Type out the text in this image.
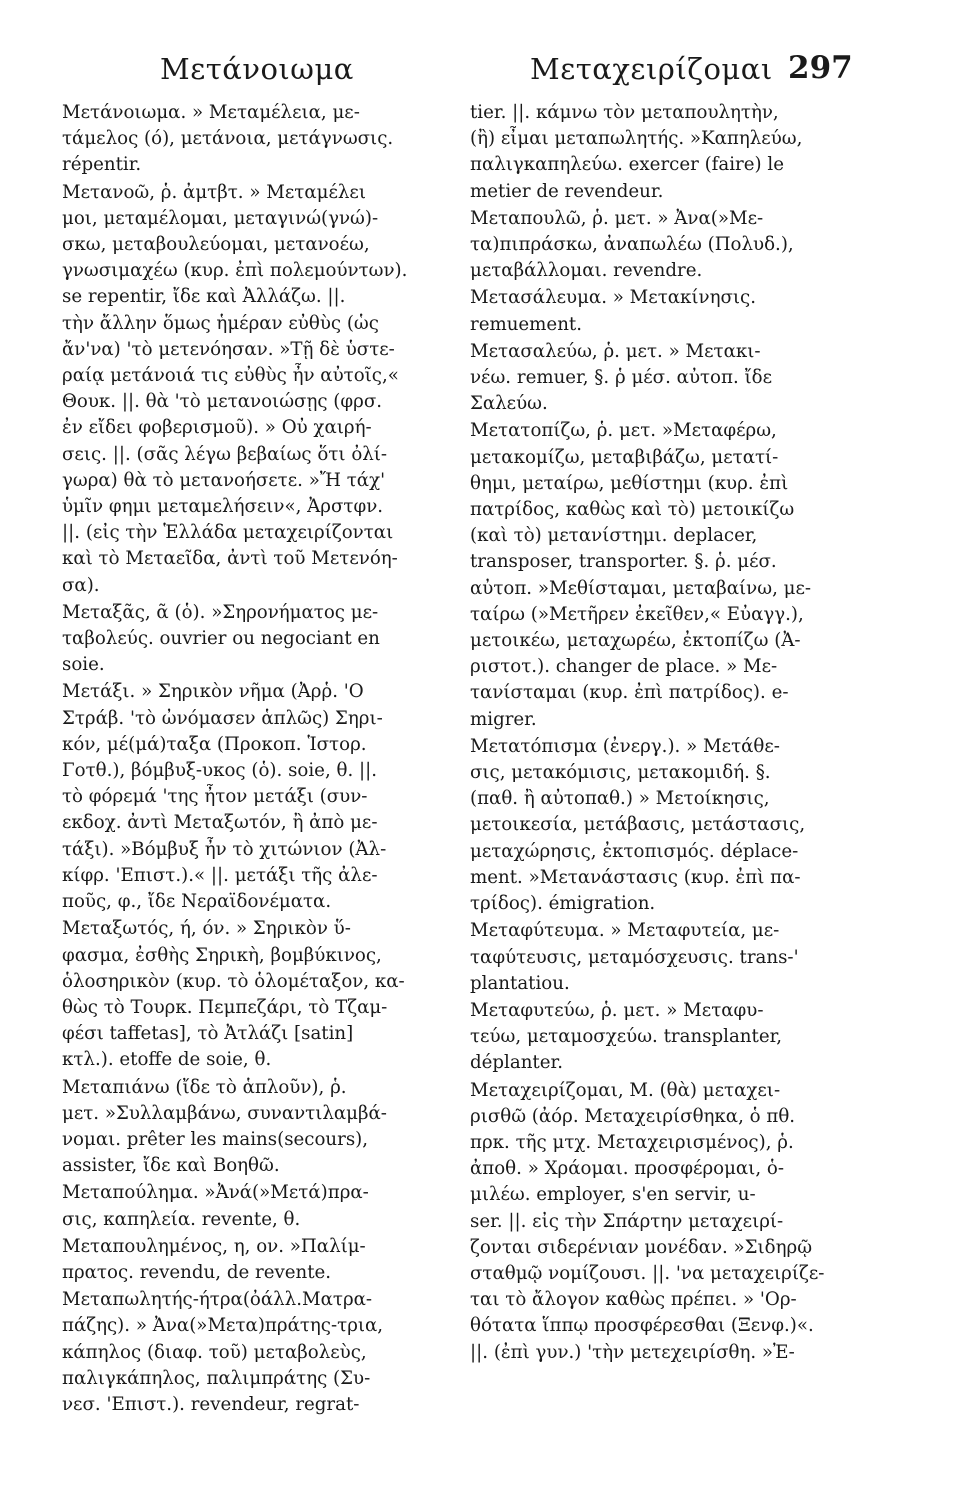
Μετάνοιωμα	Μεταχειρίζομαι 297
Μετάνοιωμα. » Μεταμέλεια, με-
τάμελος (ό), μετάνοια, μετάγνωσις.
répentir.
Μετανοῶ, ῥ. ἀμτβτ. » Μεταμέλει
μοι, μεταμέλομαι, μεταγινώ(γνώ)-
σκω, μεταβουλεύομαι, μετανοέω,
γνωσιμαχέω (κυρ. ἐπὶ πολεμούντων).
se repentir, ἴδε καὶ Ἀλλάζω. ||.
τὴν ἄλλην ὅμως ἡμέραν εὐθὺς (ὡς
ἄν'να) 'τὸ μετενόησαν. »Τῇ δὲ ὑστε-
ραίᾳ μετάνοιά τις εὐθὺς ἦν αὐτοῖς,«
Θουκ. ||. θὰ 'τὸ μετανοιώσῃς (φρσ.
ἐν εἴδει φοβερισμοῦ). » Οὐ χαιρή-
σεις. ||. (σᾶς λέγω βεβαίως ὅτι ὀλί-
γωρα) θὰ τὸ μετανοήσετε. »Ἤ τάχ'
ὑμῖν φημι μεταμελήσειν«, Ἀρστφν.
||. (εἰς τὴν Ἑλλάδα μεταχειρίζονται
καὶ τὸ Μεταεῖδα, ἀντὶ τοῦ Μετενόη-
σα).
Μεταξᾶς, ᾶ (ὁ). »Σηρονήματος με-
ταβολεύς. ouvrier ou negociant en
soie.
Μετάξι. » Σηρικὸν νῆμα (Ἀρῥ. 'Ο
Στράβ. 'τὸ ὠνόμασεν ἁπλῶς) Σηρι-
κόν, μέ(μά)ταξα (Προκοπ. Ἱστορ.
Γοτθ.), βόμβυξ-υκος (ὁ). soie, θ. ||.
τὸ φόρεμά 'της ἦτον μετάξι (συν-
εκδοχ. ἀντὶ Μεταξωτόν, ἢ ἀπὸ με-
τάξι). »Βόμβυξ ἦν τὸ χιτώνιον (Ἀλ-
κίφρ. 'Επιστ.).« ||. μετάξι τῆς ἀλε-
ποῦς, φ., ἴδε Νεραϊδονέματα.
Μεταξωτός, ή, όν. » Σηρικὸν ὕ-
φασμα, ἐσθὴς Σηρικὴ, βομβύκινος,
ὁλοσηρικὸν (κυρ. τὸ ὁλομέταξον, κα-
θὼς τὸ Τουρκ. Πεμπεζάρι, τὸ Τζαμ-
φέσι taffetas], τὸ Ἀτλάζι [satin]
κτλ.). etoffe de soie, θ.
Μεταπιάνω (ἴδε τὸ ἁπλοῦν), ῥ.
μετ. »Συλλαμβάνω, συναντιλαμβά-
νομαι. prêter les mains(secours),
assister, ἴδε καὶ Βοηθῶ.
Μεταπούλημα. »Ἀνά(»Μετά)πρα-
σις, καπηλεία. revente, θ.
Μεταπουλημένος, η, ον. »Παλίμ-
πρατος. revendu, de revente.
Μεταπωλητής-ήτρα(ὀάλλ.Ματρα-
πάζης). » Ἀνα(»Μετα)πράτης-τρια,
κάπηλος (διαφ. τοῦ) μεταβολεὺς,
παλιγκάπηλος, παλιμπράτης (Συ-
νεσ. 'Επιστ.). revendeur, regrat-
tier. ||. κάμνω τὸν μεταπουλητὴν,
(ἢ) εἶμαι μεταπωλητής. »Καπηλεύω,
παλιγκαπηλεύω. exercer (faire) le
metier de revendeur.
Μεταπουλῶ, ῥ. μετ. » Ἀνα(»Με-
τα)πιπράσκω, ἀναπωλέω (Πολυδ.),
μεταβάλλομαι. revendre.
Μετασάλευμα. » Μετακίνησις.
remuement.
Μετασαλεύω, ῥ. μετ. » Μετακι-
νέω. remuer, §. ῥ μέσ. αὐτοπ. ἴδε
Σαλεύω.
Μετατοπίζω, ῥ. μετ. »Μεταφέρω,
μετακομίζω, μεταβιβάζω, μετατί-
θημι, μεταίρω, μεθίστημι (κυρ. ἐπὶ
πατρίδος, καθὼς καὶ τὸ) μετοικίζω
(καὶ τὸ) μετανίστημι. deplacer,
transposer, transporter. §. ῥ. μέσ.
αὐτοπ. »Μεθίσταμαι, μεταβαίνω, με-
ταίρω (»Μετῆρεν ἐκεῖθεν,« Εὐαγγ.),
μετοικέω, μεταχωρέω, ἐκτοπίζω (Ἀ-
ριστοτ.). changer de place. » Με-
τανίσταμαι (κυρ. ἐπὶ πατρίδος). e-
migrer.
Μετατόπισμα (ἐνεργ.). » Μετάθε-
σις, μετακόμισις, μετακομιδή. §.
(παθ. ἢ αὐτοπαθ.) » Μετοίκησις,
μετοικεσία, μετάβασις, μετάστασις,
μεταχώρησις, ἐκτοπισμός. déplace-
ment. »Μετανάστασις (κυρ. ἐπὶ πα-
τρίδος). émigration.
Μεταφύτευμα. » Μεταφυτεία, με-
ταφύτευσις, μεταμόσχευσις. trans-'
plantatiou.
Μεταφυτεύω, ῥ. μετ. » Μεταφυ-
τεύω, μεταμοσχεύω. transplanter,
déplanter.
Μεταχειρίζομαι, Μ. (θὰ) μεταχει-
ρισθῶ (ἀόρ. Μεταχειρίσθηκα, ὁ πθ.
πρκ. τῆς μτχ. Μεταχειρισμένος), ῥ.
ἀποθ. » Χράομαι. προσφέρομαι, ὁ-
μιλέω. employer, s'en servir, u-
ser. ||. εἰς τὴν Σπάρτην μεταχειρί-
ζονται σιδερένιαν μονέδαν. »Σιδηρῷ
σταθμῷ νομίζουσι. ||. 'να μεταχειρίζε-
ται τὸ ἄλογον καθὼς πρέπει. » 'Ορ-
θότατα ἵππῳ προσφέρεσθαι (Ξενφ.)«.
||. (ἐπὶ γυν.) 'τὴν μετεχειρίσθη. »Ἐ-
